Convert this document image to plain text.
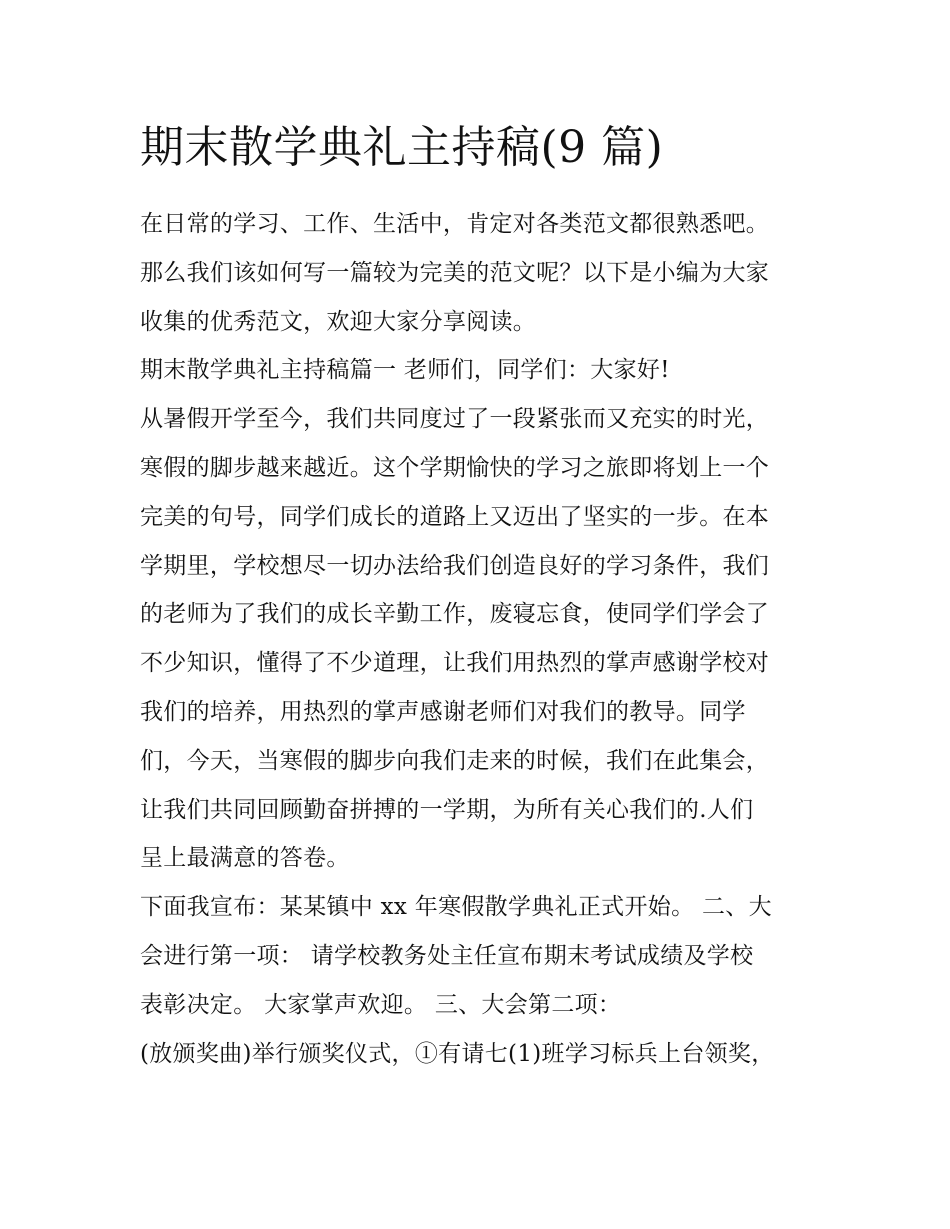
期末散学典礼主持稿(9 篇)
在日常的学习、工作、生活中，肯定对各类范文都很熟悉吧。
那么我们该如何写一篇较为完美的范文呢？以下是小编为大家
收集的优秀范文，欢迎大家分享阅读。
期末散学典礼主持稿篇一 老师们，同学们：大家好!
从暑假开学至今，我们共同度过了一段紧张而又充实的时光，
寒假的脚步越来越近。这个学期愉快的学习之旅即将划上一个
完美的句号，同学们成长的道路上又迈出了坚实的一步。在本
学期里，学校想尽一切办法给我们创造良好的学习条件，我们
的老师为了我们的成长辛勤工作，废寝忘食，使同学们学会了
不少知识，懂得了不少道理，让我们用热烈的掌声感谢学校对
我们的培养，用热烈的掌声感谢老师们对我们的教导。同学
们，今天，当寒假的脚步向我们走来的时候，我们在此集会，
让我们共同回顾勤奋拼搏的一学期，为所有关心我们的.人们
呈上最满意的答卷。
下面我宣布：某某镇中 xx 年寒假散学典礼正式开始。 二、大
会进行第一项： 请学校教务处主任宣布期末考试成绩及学校
表彰决定。 大家掌声欢迎。 三、大会第二项：
(放颁奖曲)举行颁奖仪式，①有请七(1)班学习标兵上台领奖，
